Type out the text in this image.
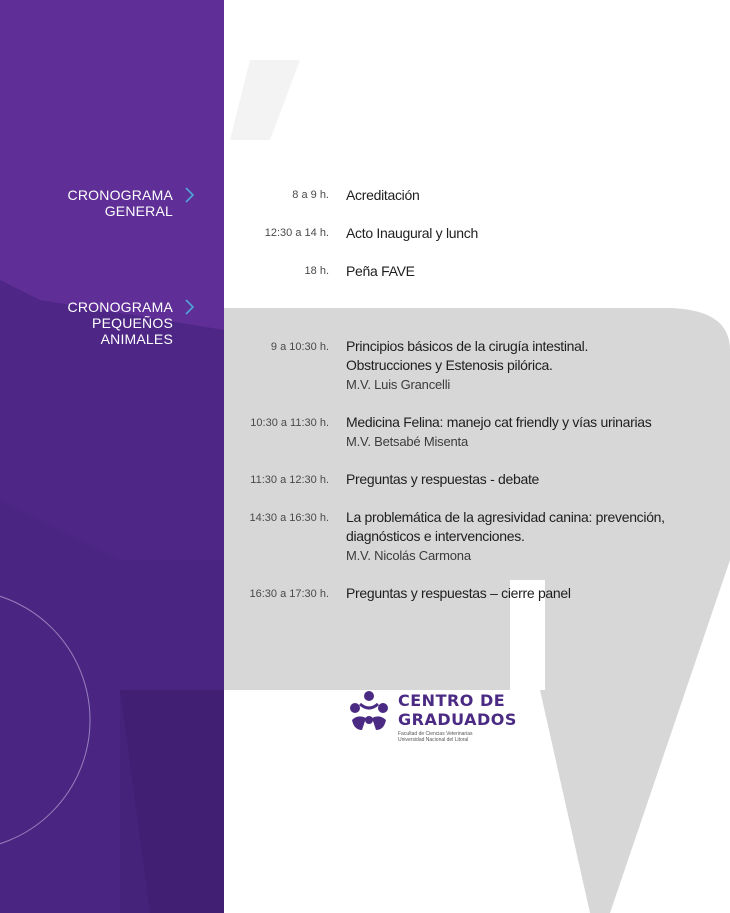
CRONOGRAMA
GENERAL
CRONOGRAMA
PEQUEÑOS
ANIMALES
8 a 9 h. Acreditación
12:30 a 14 h. Acto Inaugural y lunch
18 h. Peña FAVE
9 a 10:30 h. Principios básicos de la cirugía intestinal.
Obstrucciones y Estenosis pilórica.
M.V. Luis Grancelli
10:30 a 11:30 h. Medicina Felina: manejo cat friendly y vías urinarias
M.V. Betsabé Misenta
11:30 a 12:30 h. Preguntas y respuestas - debate
14:30 a 16:30 h. La problemática de la agresividad canina: prevención,
diagnósticos e intervenciones.
M.V. Nicolás Carmona
16:30 a 17:30 h. Preguntas y respuestas – cierre panel
CENTRO DE
GRADUADOS
Facultad de Ciencias Veterinarias
Universidad Nacional del Litoral
